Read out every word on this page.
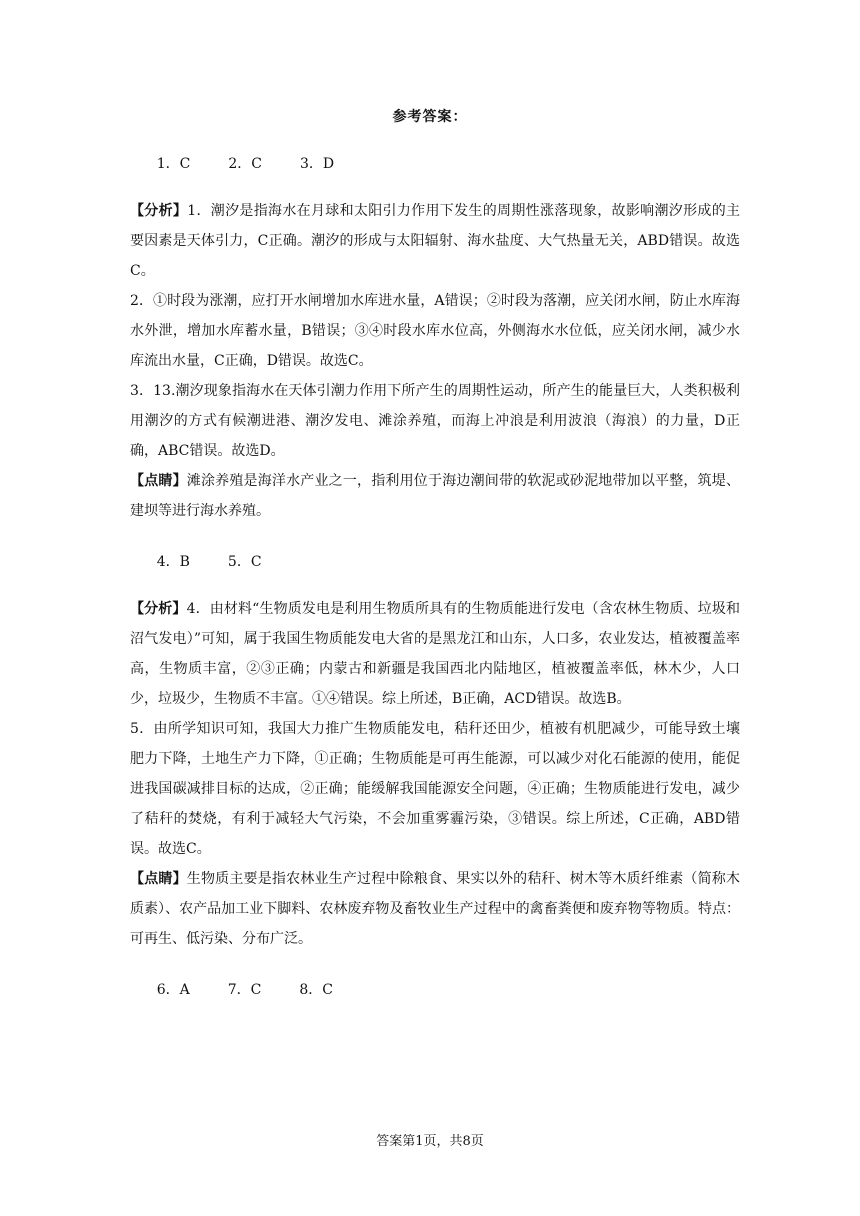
参考答案：

1．C	2．C	3．D

【分析】1．潮汐是指海水在月球和太阳引力作用下发生的周期性涨落现象，故影响潮汐形成的主要因素是天体引力，C正确。潮汐的形成与太阳辐射、海水盐度、大气热量无关，ABD错误。故选C。

2．①时段为涨潮，应打开水闸增加水库进水量，A错误；②时段为落潮，应关闭水闸，防止水库海水外泄，增加水库蓄水量，B错误；③④时段水库水位高，外侧海水水位低，应关闭水闸，减少水库流出水量，C正确，D错误。故选C。

3．13.潮汐现象指海水在天体引潮力作用下所产生的周期性运动，所产生的能量巨大，人类积极利用潮汐的方式有候潮进港、潮汐发电、滩涂养殖，而海上冲浪是利用波浪（海浪）的力量，D正确，ABC错误。故选D。

【点睛】滩涂养殖是海洋水产业之一，指利用位于海边潮间带的软泥或砂泥地带加以平整，筑堤、建坝等进行海水养殖。

4．B	5．C

【分析】4．由材料“生物质发电是利用生物质所具有的生物质能进行发电（含农林生物质、垃圾和沼气发电）”可知，属于我国生物质能发电大省的是黑龙江和山东，人口多，农业发达，植被覆盖率高，生物质丰富，②③正确；内蒙古和新疆是我国西北内陆地区，植被覆盖率低，林木少，人口少，垃圾少，生物质不丰富。①④错误。综上所述，B正确，ACD错误。故选B。

5．由所学知识可知，我国大力推广生物质能发电，秸秆还田少，植被有机肥减少，可能导致土壤肥力下降，土地生产力下降，①正确；生物质能是可再生能源，可以减少对化石能源的使用，能促进我国碳减排目标的达成，②正确；能缓解我国能源安全问题，④正确；生物质能进行发电，减少了秸秆的焚烧，有利于减轻大气污染，不会加重雾霾污染，③错误。综上所述，C正确，ABD错误。故选C。

【点睛】生物质主要是指农林业生产过程中除粮食、果实以外的秸秆、树木等木质纤维素（简称木质素）、农产品加工业下脚料、农林废弃物及畜牧业生产过程中的禽畜粪便和废弃物等物质。特点：可再生、低污染、分布广泛。

6．A	7．C	8．C

答案第1页，共8页
